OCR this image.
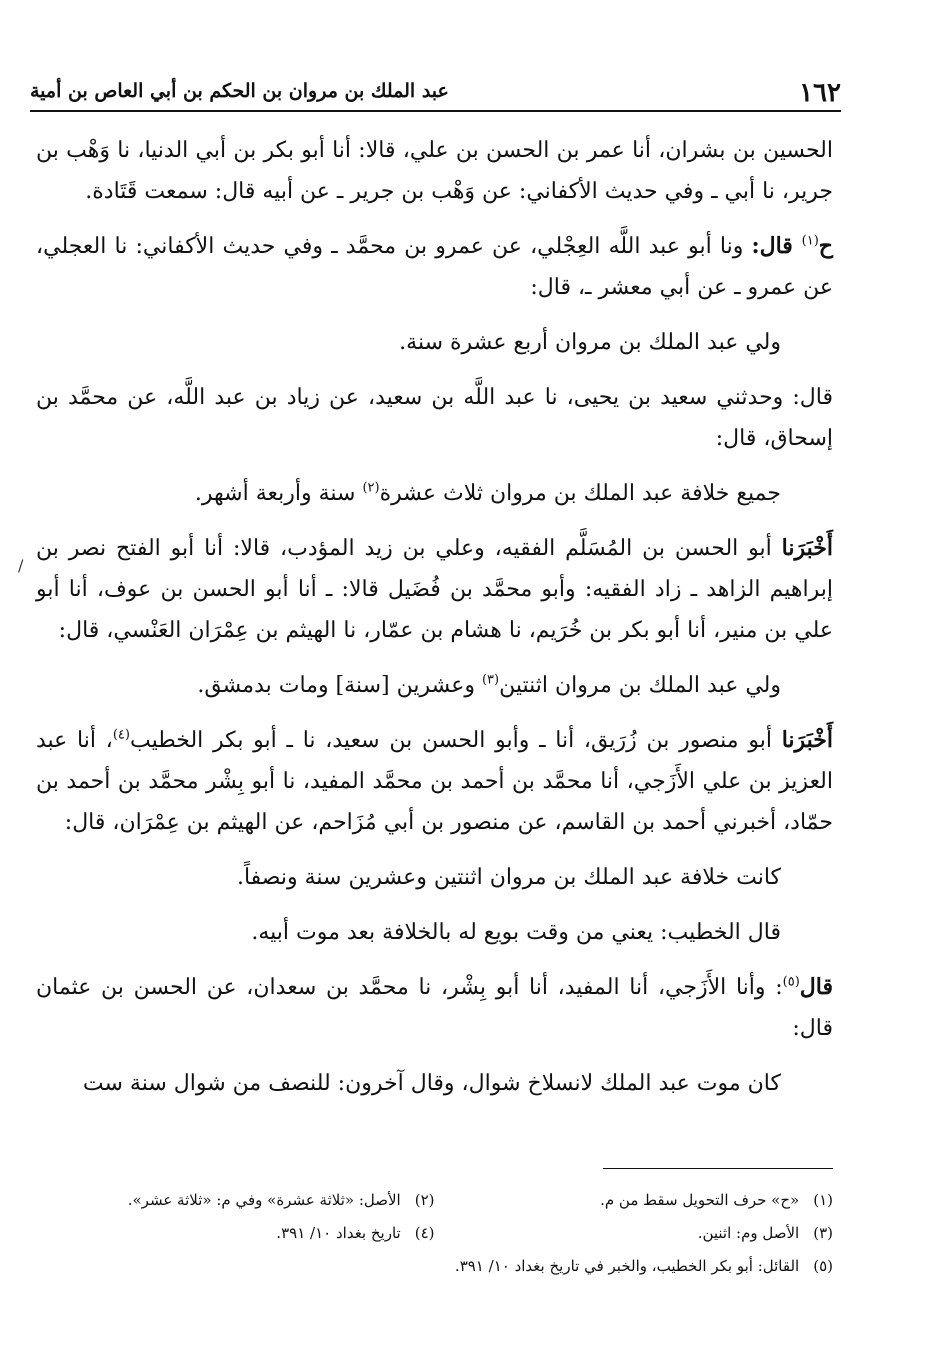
١٦٢
عبد الملك بن مروان بن الحكم بن أبي العاص بن أمية
/

الحسين بن بشران، أنا عمر بن الحسن بن علي، قالا: أنا أبو بكر بن أبي الدنيا، نا وَهْب بن جرير، نا أبي ـ وفي حديث الأكفاني: عن وَهْب بن جرير ـ عن أبيه قال: سمعت قَتَادة.

ح$^{(١)}$ قال: ونا أبو عبد اللَّه العِجْلي، عن عمرو بن محمَّد ـ وفي حديث الأكفاني: نا العجلي، عن عمرو ـ عن أبي معشر ـ، قال:

ولي عبد الملك بن مروان أربع عشرة سنة.

قال: وحدثني سعيد بن يحيى، نا عبد اللَّه بن سعيد، عن زياد بن عبد اللَّه، عن محمَّد بن إسحاق، قال:

جميع خلافة عبد الملك بن مروان ثلاث عشرة$^{(٢)}$ سنة وأربعة أشهر.

أَخْبَرَنا أبو الحسن بن المُسَلَّم الفقيه، وعلي بن زيد المؤدب، قالا: أنا أبو الفتح نصر بن إبراهيم الزاهد ـ زاد الفقيه: وأبو محمَّد بن فُضَيل قالا: ـ أنا أبو الحسن بن عوف، أنا أبو علي بن منير، أنا أبو بكر بن خُرَيم، نا هشام بن عمّار، نا الهيثم بن عِمْرَان العَنْسي، قال:

ولي عبد الملك بن مروان اثنتين$^{(٣)}$ وعشرين [سنة] ومات بدمشق.

أَخْبَرَنا أبو منصور بن زُرَيق، أنا ـ وأبو الحسن بن سعيد، نا ـ أبو بكر الخطيب$^{(٤)}$، أنا عبد العزيز بن علي الأَزَجي، أنا محمَّد بن أحمد بن محمَّد المفيد، نا أبو بِشْر محمَّد بن أحمد بن حمّاد، أخبرني أحمد بن القاسم، عن منصور بن أبي مُزَاحم، عن الهيثم بن عِمْرَان، قال:

كانت خلافة عبد الملك بن مروان اثنتين وعشرين سنة ونصفاً.

قال الخطيب: يعني من وقت بويع له بالخلافة بعد موت أبيه.

قال$^{(٥)}$: وأنا الأَزَجي، أنا المفيد، أنا أبو بِشْر، نا محمَّد بن سعدان، عن الحسن بن عثمان قال:

كان موت عبد الملك لانسلاخ شوال، وقال آخرون: للنصف من شوال سنة ست

(١)«ح» حرف التحويل سقط من م.
(٢)الأصل: «ثلاثة عشرة» وفي م: «ثلاثة عشر».
(٣)الأصل وم: اثنين.
(٤)تاريخ بغداد ١٠/ ٣٩١.
(٥)القائل: أبو بكر الخطيب، والخبر في تاريخ بغداد ١٠/ ٣٩١.
